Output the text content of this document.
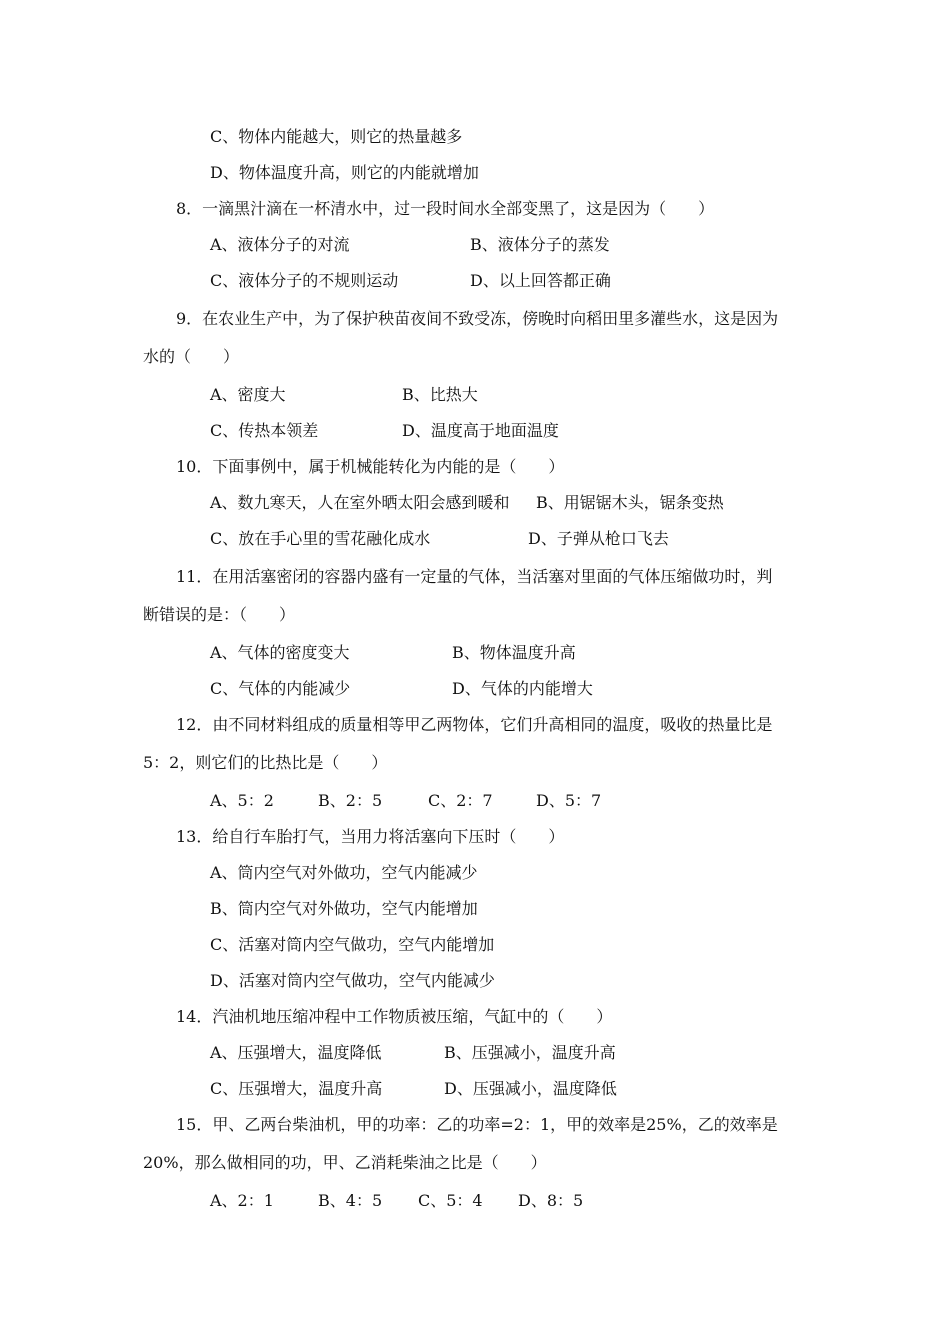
C、物体内能越大，则它的热量越多
D、物体温度升高，则它的内能就增加
8．一滴黑汁滴在一杯清水中，过一段时间水全部变黑了，这是因为（　　）
A、液体分子的对流	B、液体分子的蒸发
C、液体分子的不规则运动	D、以上回答都正确
9．在农业生产中，为了保护秧苗夜间不致受冻，傍晚时向稻田里多灌些水，这是因为
水的（　　）
A、密度大	B、比热大
C、传热本领差	D、温度高于地面温度
10．下面事例中，属于机械能转化为内能的是（　　）
A、数九寒天，人在室外晒太阳会感到暖和 B、用锯锯木头，锯条变热
C、放在手心里的雪花融化成水	D、子弹从枪口飞去
11．在用活塞密闭的容器内盛有一定量的气体，当活塞对里面的气体压缩做功时，判
断错误的是：（　　）
A、气体的密度变大	B、物体温度升高
C、气体的内能减少	D、气体的内能增大
12．由不同材料组成的质量相等甲乙两物体，它们升高相同的温度，吸收的热量比是
5：2，则它们的比热比是（　　）
A、5：2	B、2：5	C、2：7	D、5：7
13．给自行车胎打气，当用力将活塞向下压时（　　）
A、筒内空气对外做功，空气内能减少
B、筒内空气对外做功，空气内能增加
C、活塞对筒内空气做功，空气内能增加
D、活塞对筒内空气做功，空气内能减少
14．汽油机地压缩冲程中工作物质被压缩，气缸中的（　　）
A、压强增大，温度降低	B、压强减小，温度升高
C、压强增大，温度升高	D、压强减小，温度降低
15．甲、乙两台柴油机，甲的功率：乙的功率=2：1，甲的效率是25%，乙的效率是
20%，那么做相同的功，甲、乙消耗柴油之比是（　　）
A、2：1	B、4：5 C、5：4 D、8：5
